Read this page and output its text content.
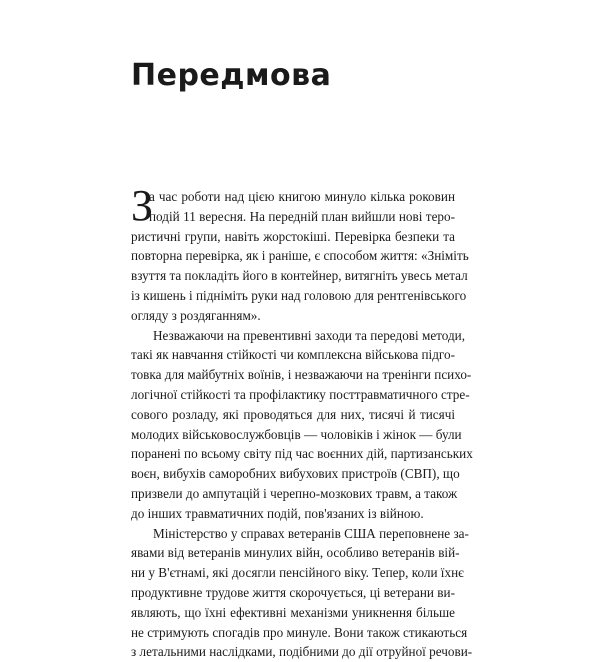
Передмова

З
а час роботи над цією книгою минуло кілька роковин
подій 11 вересня. На передній план вийшли нові теро-
ристичні групи, навіть жорстокіші. Перевірка безпеки та
повторна перевірка, як і раніше, є способом життя: «Зніміть
взуття та покладіть його в контейнер, витягніть увесь метал
із кишень і підніміть руки над головою для рентгенівського
огляду з роздяганням».

Незважаючи на превентивні заходи та передові методи,
такі як навчання стійкості чи комплексна військова підго-
товка для майбутніх воїнів, і незважаючи на тренінги психо-
логічної стійкості та профілактику посттравматичного стре-
сового розладу, які проводяться для них, тисячі й тисячі
молодих військовослужбовців — чоловіків і жінок — були
поранені по всьому світу під час воєнних дій, партизанських
воєн, вибухів саморобних вибухових пристроїв (СВП), що
призвели до ампутацій і черепно-мозкових травм, а також
до інших травматичних подій, пов'язаних із війною.

Міністерство у справах ветеранів США переповнене за-
явами від ветеранів минулих війн, особливо ветеранів вій-
ни у В'єтнамі, які досягли пенсійного віку. Тепер, коли їхнє
продуктивне трудове життя скорочується, ці ветерани ви-
являють, що їхні ефективні механізми уникнення більше
не стримують спогадів про минуле. Вони також стикаються
з летальними наслідками, подібними до дії отруйної речови-
